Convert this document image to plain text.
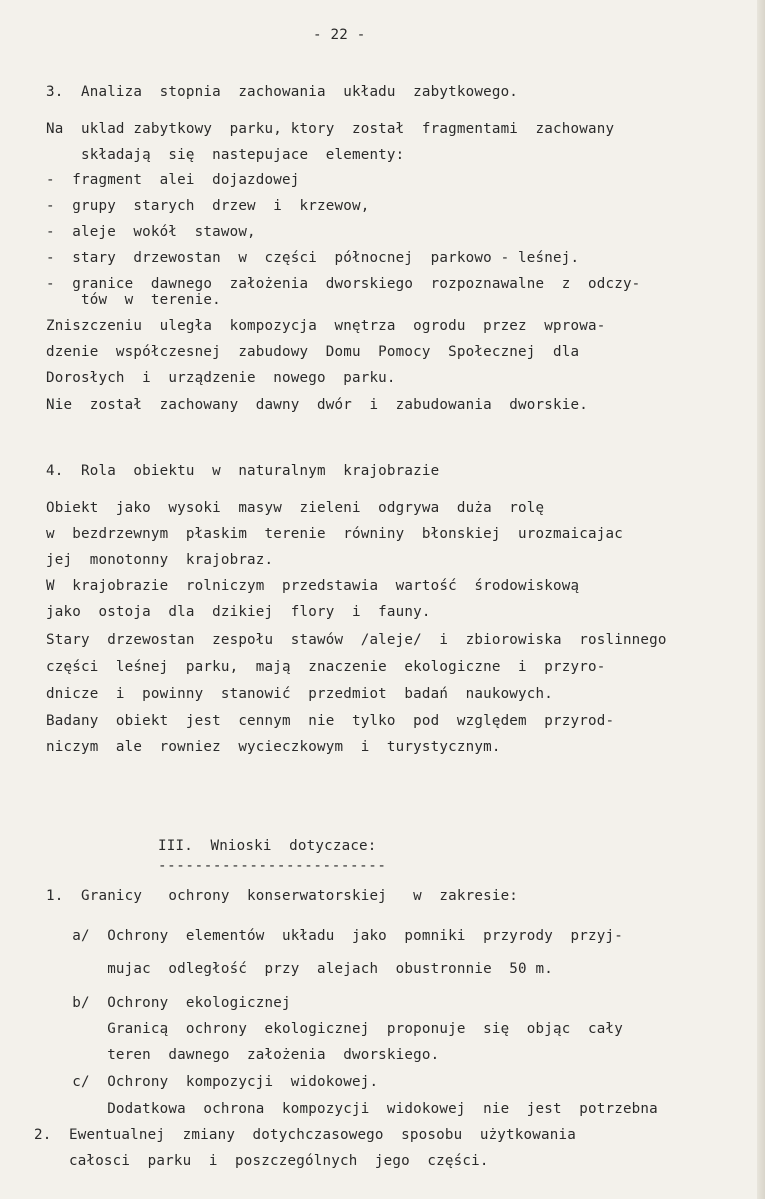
- 22 -
3.  Analiza  stopnia  zachowania  układu  zabytkowego.
Na  uklad zabytkowy  parku, ktory  został  fragmentami  zachowany
składają  się  nastepujace  elementy:
-  fragment  alei  dojazdowej
-  grupy  starych  drzew  i  krzewow,
-  aleje  wokół  stawow,
-  stary  drzewostan  w  części  północnej  parkowo - leśnej.
-  granice  dawnego  założenia  dworskiego  rozpoznawalne  z  odczy-
tów  w  terenie.
Zniszczeniu  uległa  kompozycja  wnętrza  ogrodu  przez  wprowa-
dzenie  współczesnej  zabudowy  Domu  Pomocy  Społecznej  dla
Dorosłych  i  urządzenie  nowego  parku.
Nie  został  zachowany  dawny  dwór  i  zabudowania  dworskie.
4.  Rola  obiektu  w  naturalnym  krajobrazie
Obiekt  jako  wysoki  masyw  zieleni  odgrywa  duża  rolę
w  bezdrzewnym  płaskim  terenie  równiny  błonskiej  urozmaicajac
jej  monotonny  krajobraz.
W  krajobrazie  rolniczym  przedstawia  wartość  środowiskową
jako  ostoja  dla  dzikiej  flory  i  fauny.
Stary  drzewostan  zespołu  stawów  /aleje/  i  zbiorowiska  roslinnego
części  leśnej  parku,  mają  znaczenie  ekologiczne  i  przyro-
dnicze  i  powinny  stanowić  przedmiot  badań  naukowych.
Badany  obiekt  jest  cennym  nie  tylko  pod  względem  przyrod-
niczym  ale  rowniez  wycieczkowym  i  turystycznym.
III.  Wnioski  dotyczace:
-------------------------
1.  Granicy   ochrony  konserwatorskiej   w  zakresie:
a/  Ochrony  elementów  układu  jako  pomniki  przyrody  przyj-
mujac  odległość  przy  alejach  obustronnie  50 m.
b/  Ochrony  ekologicznej
Granicą  ochrony  ekologicznej  proponuje  się  objąc  cały
teren  dawnego  założenia  dworskiego.
c/  Ochrony  kompozycji  widokowej.
Dodatkowa  ochrona  kompozycji  widokowej  nie  jest  potrzebna
2.  Ewentualnej  zmiany  dotychczasowego  sposobu  użytkowania
całosci  parku  i  poszczególnych  jego  części.
